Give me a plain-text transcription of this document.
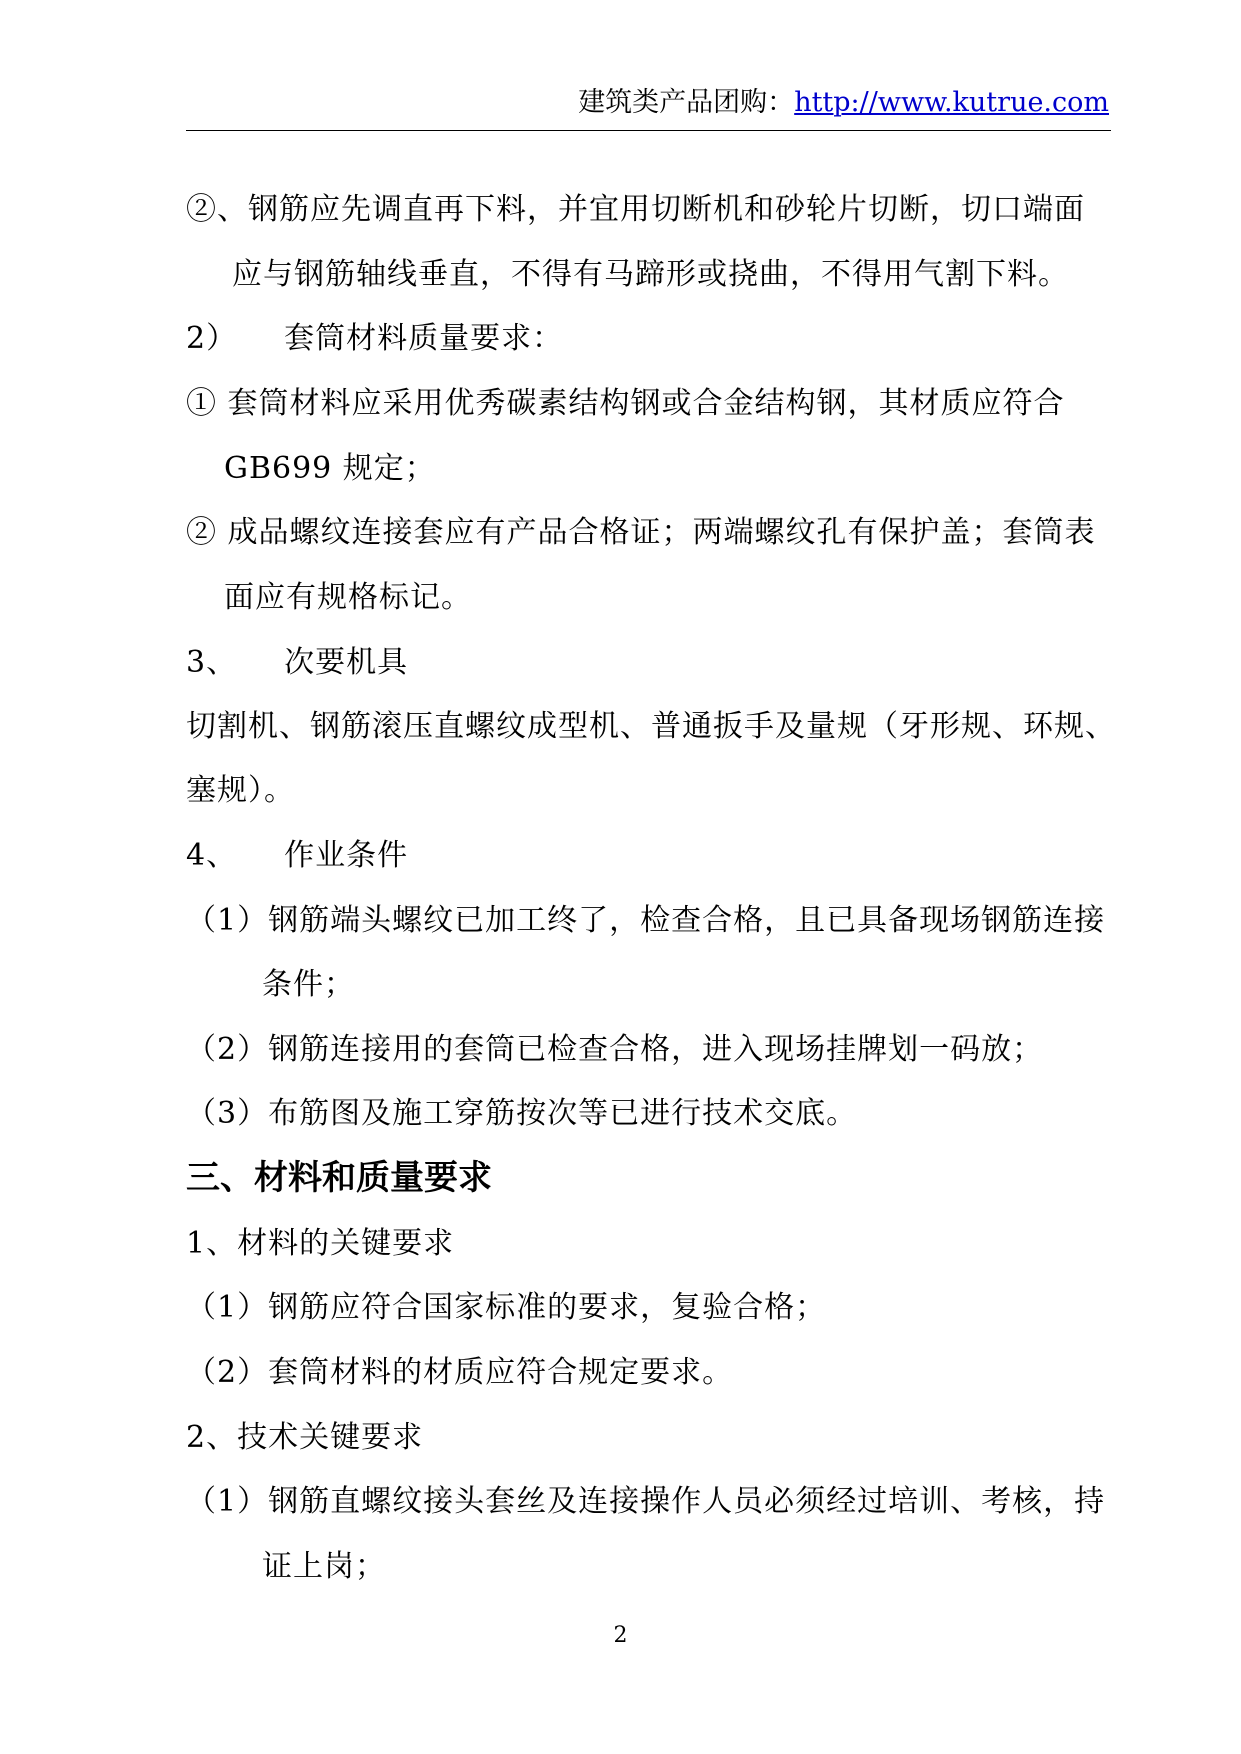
建筑类产品团购：http://www.kutrue.com
②、钢筋应先调直再下料，并宜用切断机和砂轮片切断，切口端面
应与钢筋轴线垂直，不得有马蹄形或挠曲，不得用气割下料。
2）　　套筒材料质量要求：
① 套筒材料应采用优秀碳素结构钢或合金结构钢，其材质应符合
GB699 规定；
② 成品螺纹连接套应有产品合格证；两端螺纹孔有保护盖；套筒表
面应有规格标记。
3、　　次要机具
切割机、钢筋滚压直螺纹成型机、普通扳手及量规（牙形规、环规、
塞规）。
4、　　作业条件
（1）钢筋端头螺纹已加工终了，检查合格，且已具备现场钢筋连接
条件；
（2）钢筋连接用的套筒已检查合格，进入现场挂牌划一码放；
（3）布筋图及施工穿筋按次等已进行技术交底。
三、材料和质量要求
1、材料的关键要求
（1）钢筋应符合国家标准的要求，复验合格；
（2）套筒材料的材质应符合规定要求。
2、技术关键要求
（1）钢筋直螺纹接头套丝及连接操作人员必须经过培训、考核，持
证上岗；
2
